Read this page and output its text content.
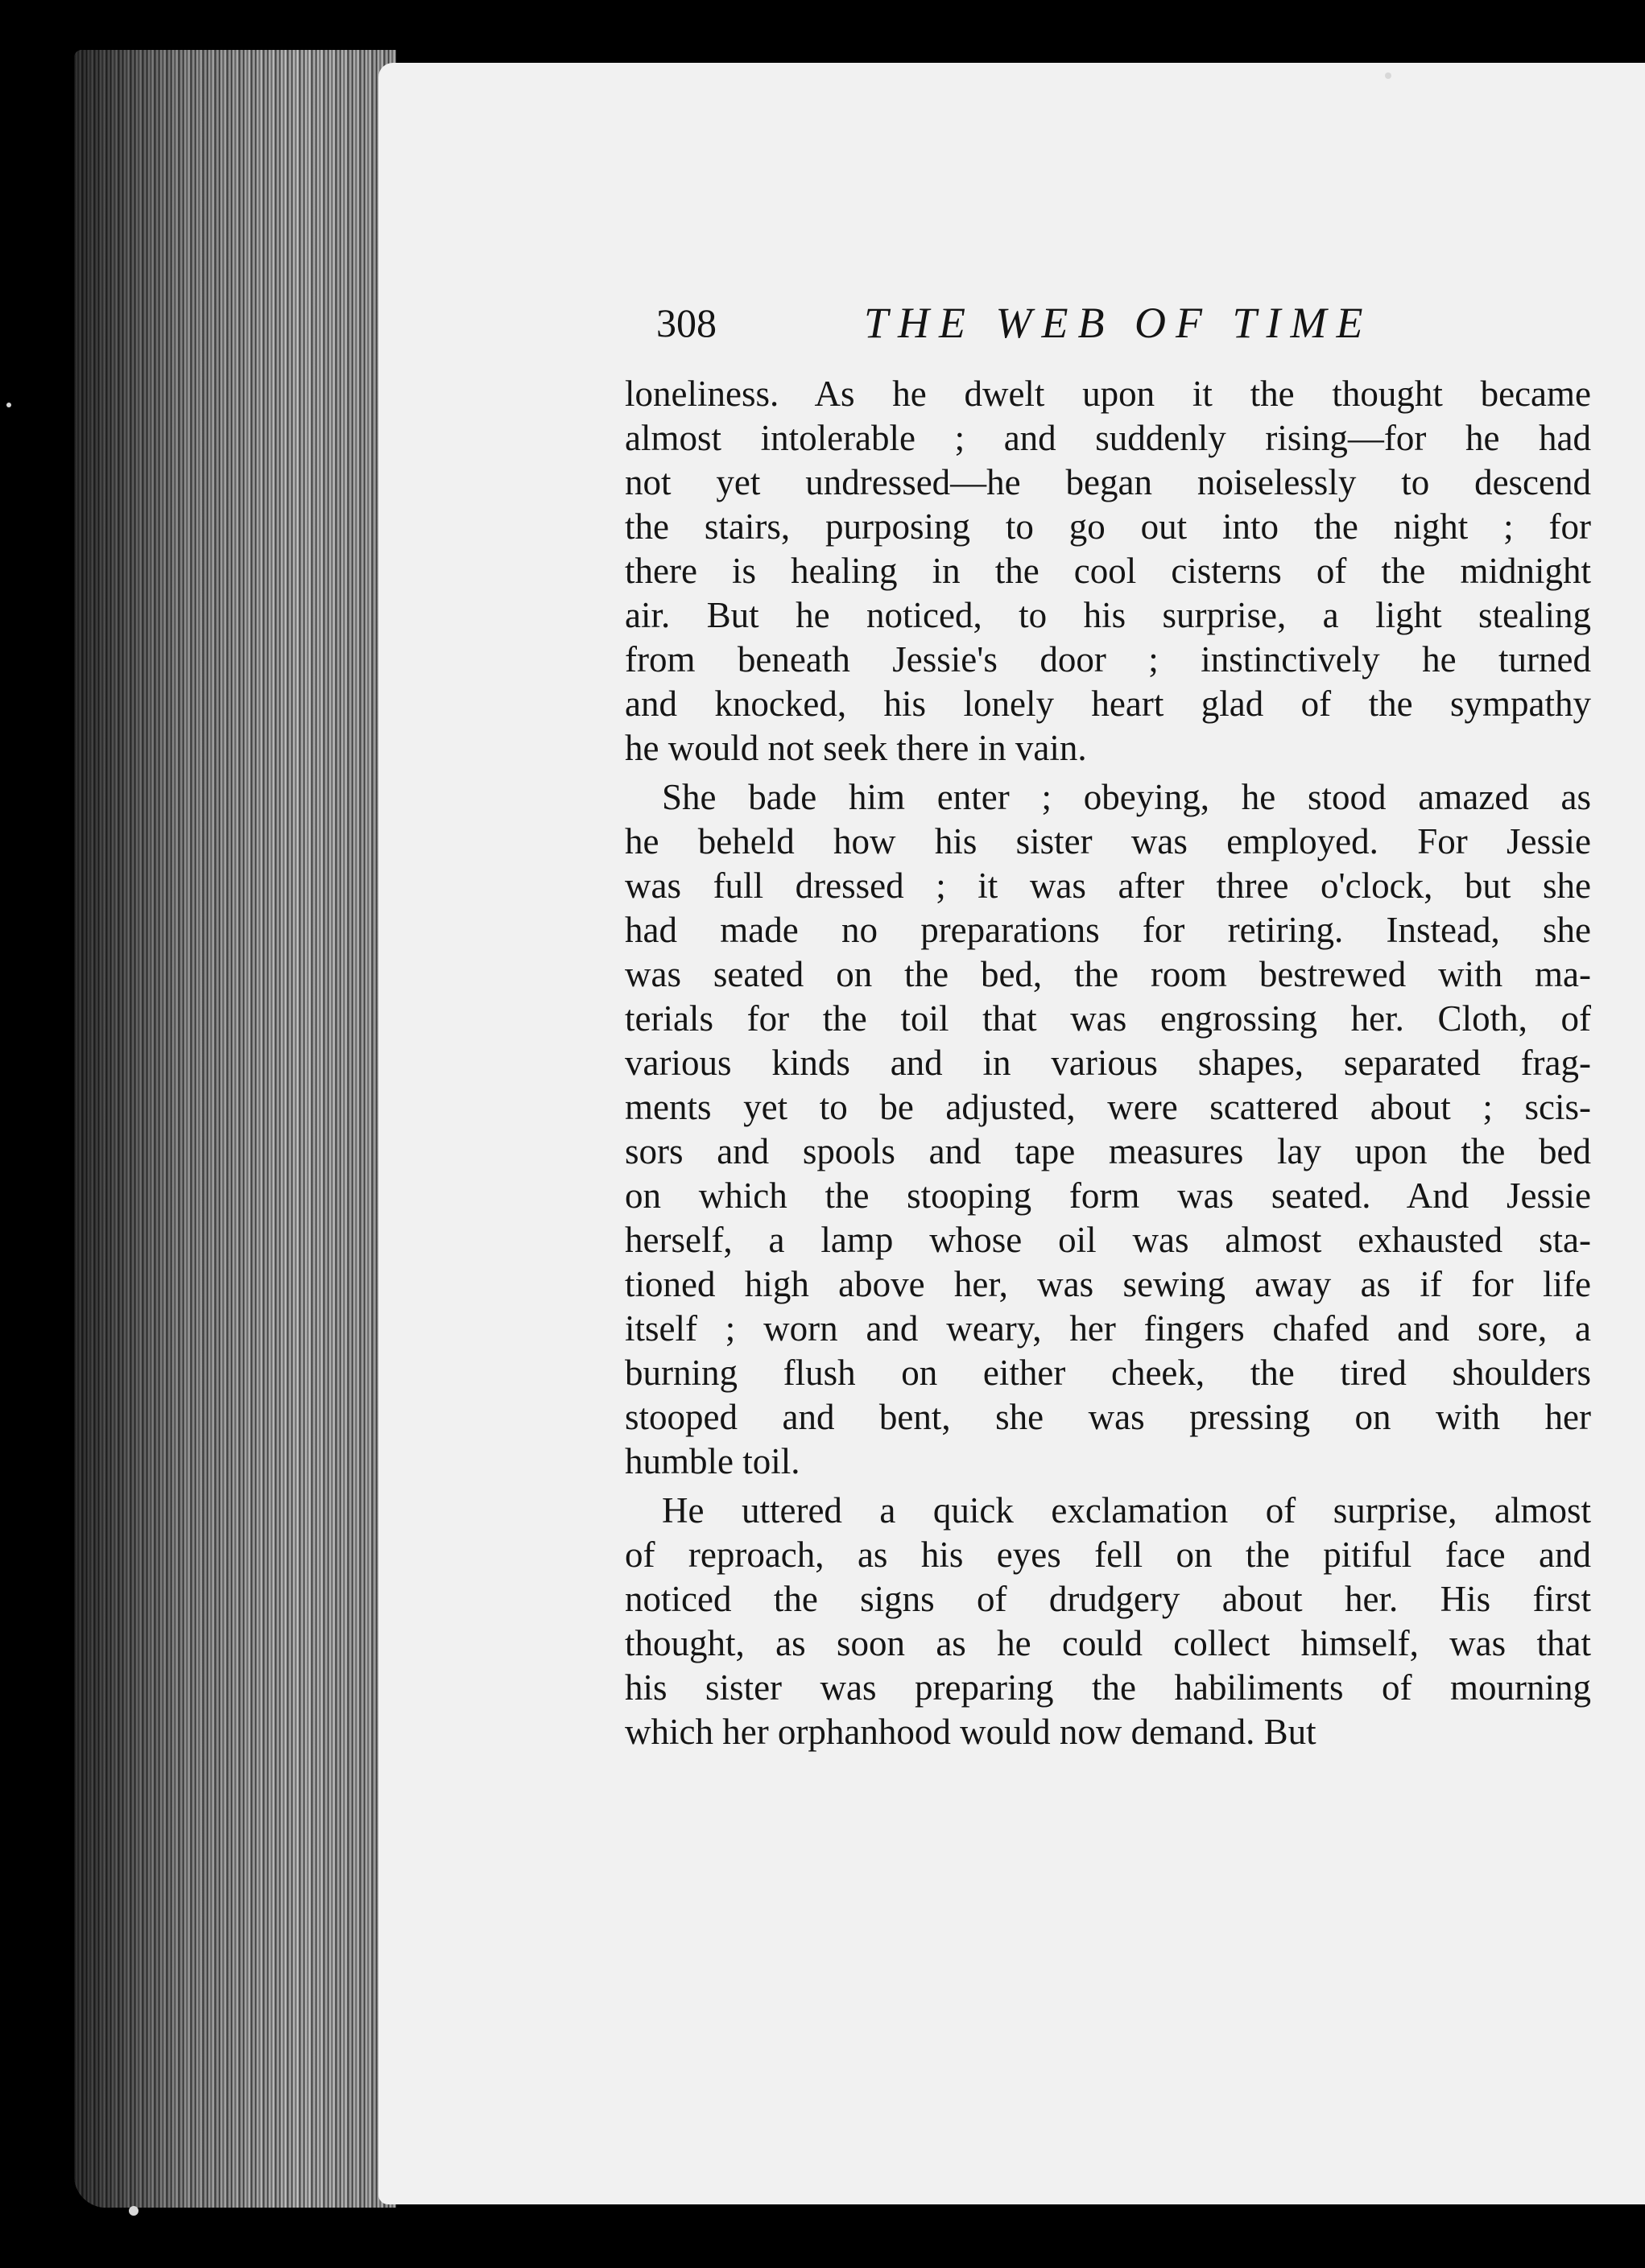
308	THE WEB OF TIME
loneliness. As he dwelt upon it the thought became
almost intolerable ; and suddenly rising—for he had
not yet undressed—he began noiselessly to descend
the stairs, purposing to go out into the night ; for
there is healing in the cool cisterns of the midnight
air. But he noticed, to his surprise, a light stealing
from beneath Jessie's door ; instinctively he turned
and knocked, his lonely heart glad of the sympathy
he would not seek there in vain.
She bade him enter ; obeying, he stood amazed as
he beheld how his sister was employed. For Jessie
was full dressed ; it was after three o'clock, but she
had made no preparations for retiring. Instead, she
was seated on the bed, the room bestrewed with ma-
terials for the toil that was engrossing her. Cloth, of
various kinds and in various shapes, separated frag-
ments yet to be adjusted, were scattered about ; scis-
sors and spools and tape measures lay upon the bed
on which the stooping form was seated. And Jessie
herself, a lamp whose oil was almost exhausted sta-
tioned high above her, was sewing away as if for life
itself ; worn and weary, her fingers chafed and sore, a
burning flush on either cheek, the tired shoulders
stooped and bent, she was pressing on with her
humble toil.
He uttered a quick exclamation of surprise, almost
of reproach, as his eyes fell on the pitiful face and
noticed the signs of drudgery about her. His first
thought, as soon as he could collect himself, was that
his sister was preparing the habiliments of mourning
which her orphanhood would now demand. But
